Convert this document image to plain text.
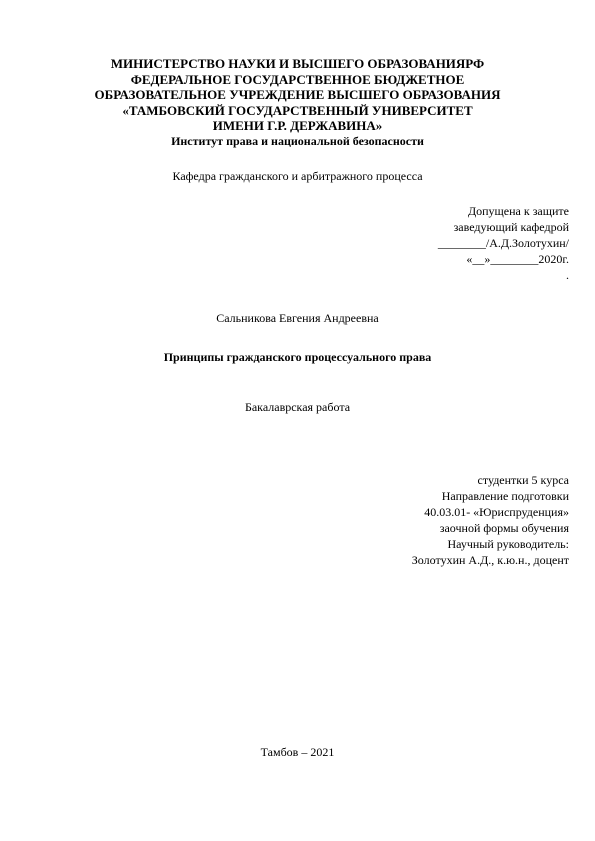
МИНИСТЕРСТВО НАУКИ И ВЫСШЕГО ОБРАЗОВАНИЯРФ
ФЕДЕРАЛЬНОЕ ГОСУДАРСТВЕННОЕ БЮДЖЕТНОЕ
ОБРАЗОВАТЕЛЬНОЕ УЧРЕЖДЕНИЕ ВЫСШЕГО ОБРАЗОВАНИЯ
«ТАМБОВСКИЙ ГОСУДАРСТВЕННЫЙ УНИВЕРСИТЕТ
ИМЕНИ Г.Р. ДЕРЖАВИНА»
Институт права и национальной безопасности
Кафедра гражданского и арбитражного процесса
Допущена к защите
заведующий кафедрой
________/А.Д.Золотухин/
«__»________2020г.
.
Сальникова Евгения Андреевна
Принципы гражданского процессуального права
Бакалаврская работа
студентки 5 курса
Направление подготовки
40.03.01- «Юриспруденция»
заочной формы обучения
Научный руководитель:
Золотухин А.Д., к.ю.н., доцент
Тамбов – 2021
